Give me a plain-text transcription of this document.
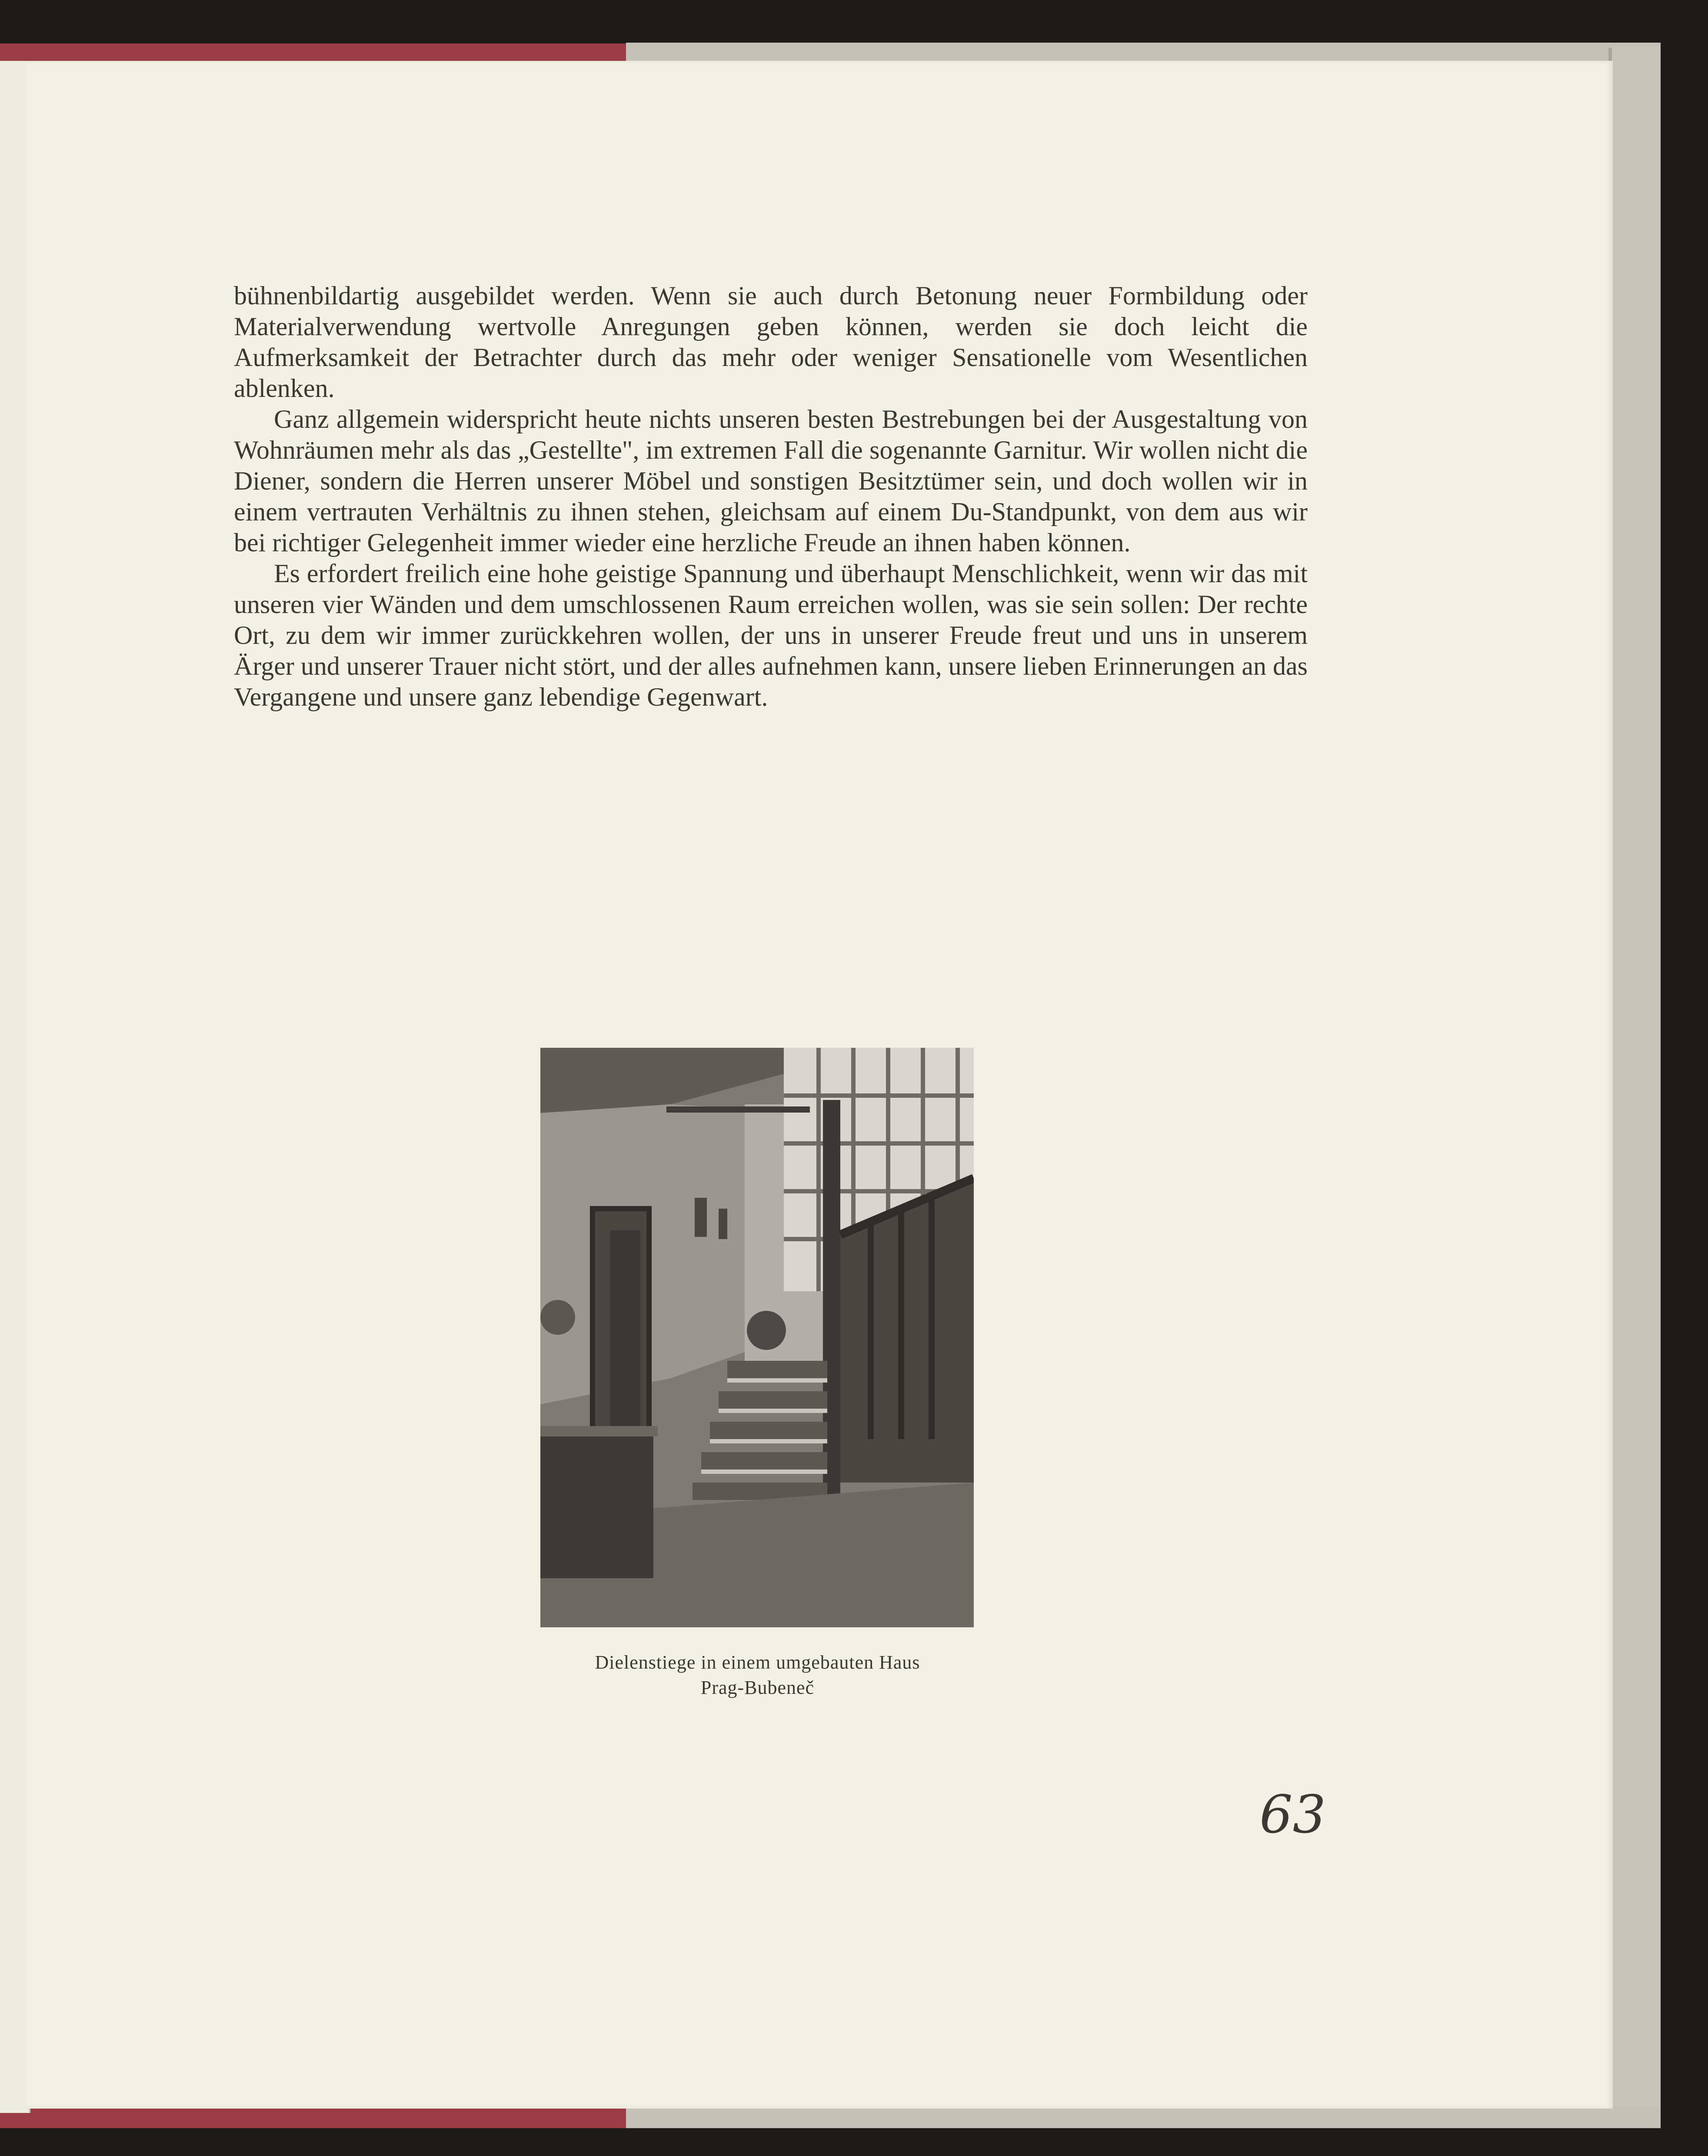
bühnenbildartig ausgebildet werden. Wenn sie auch durch Betonung neuer Formbildung oder Materialverwendung wertvolle Anregungen geben können, werden sie doch leicht die Aufmerksamkeit der Betrachter durch das mehr oder weniger Sensationelle vom Wesentlichen ablenken.

Ganz allgemein widerspricht heute nichts unseren besten Bestrebungen bei der Ausgestaltung von Wohnräumen mehr als das „Gestellte", im extremen Fall die sogenannte Garnitur. Wir wollen nicht die Diener, sondern die Herren unserer Möbel und sonstigen Besitztümer sein, und doch wollen wir in einem vertrauten Verhältnis zu ihnen stehen, gleichsam auf einem Du-Standpunkt, von dem aus wir bei richtiger Gelegenheit immer wieder eine herzliche Freude an ihnen haben können.

Es erfordert freilich eine hohe geistige Spannung und überhaupt Menschlichkeit, wenn wir das mit unseren vier Wänden und dem umschlossenen Raum erreichen wollen, was sie sein sollen: Der rechte Ort, zu dem wir immer zurückkehren wollen, der uns in unserer Freude freut und uns in unserem Ärger und unserer Trauer nicht stört, und der alles aufnehmen kann, unsere lieben Erinnerungen an das Vergangene und unsere ganz lebendige Gegenwart.

Dielenstiege in einem umgebauten Haus
Prag-Bubeneč
63
